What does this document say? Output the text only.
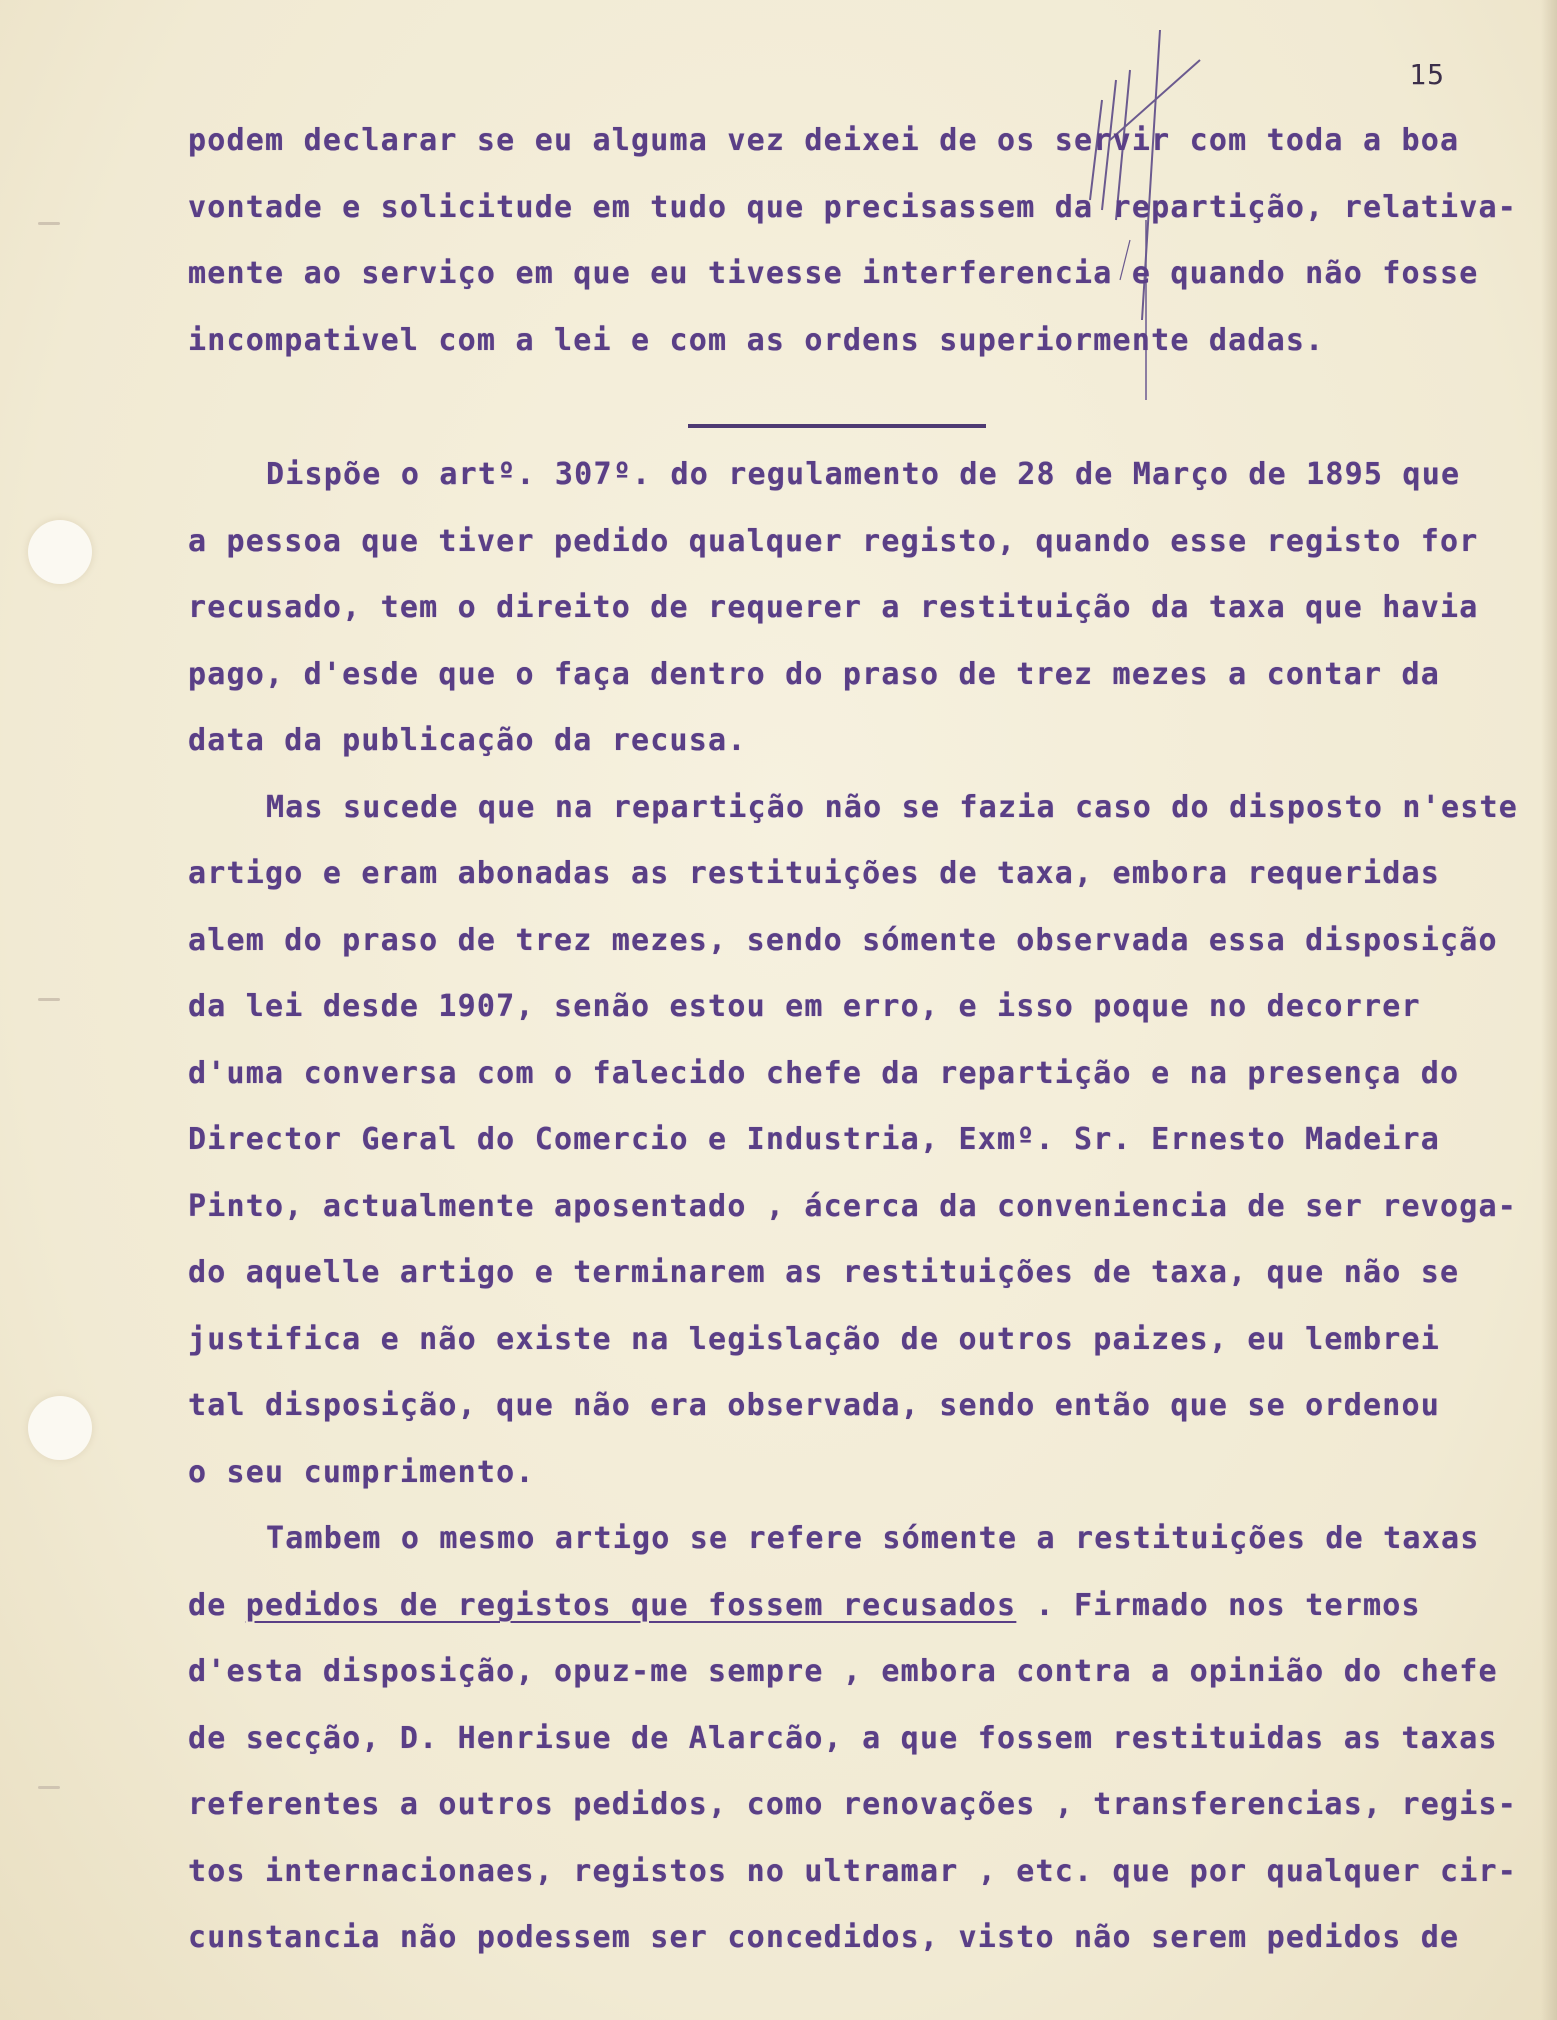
15
podem declarar se eu alguma vez deixei de os servir com toda a boa
vontade e solicitude em tudo que precisassem da repartição, relativa-
mente ao serviço em que eu tivesse interferencia e quando não fosse
incompativel com a lei e com as ordens superiormente dadas.
Dispõe o artº. 307º. do regulamento de 28 de Março de 1895 que
a pessoa que tiver pedido qualquer registo, quando esse registo for
recusado, tem o direito de requerer a restituição da taxa que havia
pago, d'esde que o faça dentro do praso de trez mezes a contar da
data da publicação da recusa.
Mas sucede que na repartição não se fazia caso do disposto n'este
artigo e eram abonadas as restituições de taxa, embora requeridas
alem do praso de trez mezes, sendo sómente observada essa disposição
da lei desde 1907, senão estou em erro, e isso poque no decorrer
d'uma conversa com o falecido chefe da repartição e na presença do
Director Geral do Comercio e Industria, Exmº. Sr. Ernesto Madeira
Pinto, actualmente aposentado , ácerca da conveniencia de ser revoga-
do aquelle artigo e terminarem as restituições de taxa, que não se
justifica e não existe na legislação de outros paizes, eu lembrei
tal disposição, que não era observada, sendo então que se ordenou
o seu cumprimento.
Tambem o mesmo artigo se refere sómente a restituições de taxas
de pedidos de registos que fossem recusados . Firmado nos termos
d'esta disposição, opuz-me sempre , embora contra a opinião do chefe
de secção, D. Henrisue de Alarcão, a que fossem restituidas as taxas
referentes a outros pedidos, como renovações , transferencias, regis-
tos internacionaes, registos no ultramar , etc. que por qualquer cir-
cunstancia não podessem ser concedidos, visto não serem pedidos de
